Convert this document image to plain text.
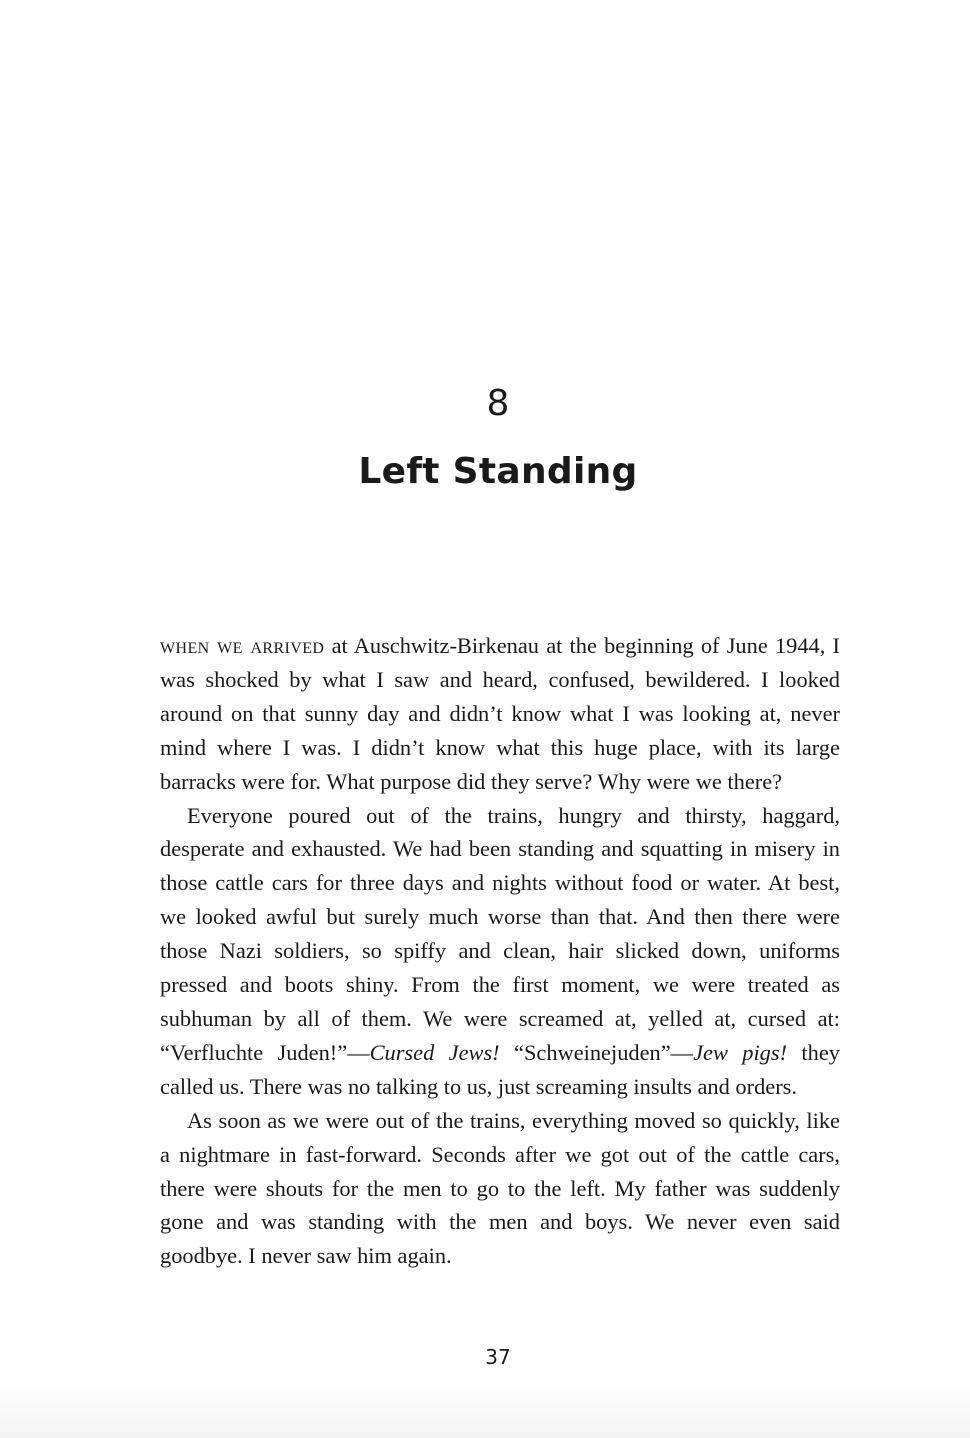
8
Left Standing

when we arrived at Auschwitz-Birkenau at the beginning of June 1944, I was shocked by what I saw and heard, confused, bewildered. I looked around on that sunny day and didn’t know what I was looking at, never mind where I was. I didn’t know what this huge place, with its large barracks were for. What purpose did they serve? Why were we there?

Everyone poured out of the trains, hungry and thirsty, haggard, desperate and exhausted. We had been standing and squatting in misery in those cattle cars for three days and nights without food or water. At best, we looked awful but surely much worse than that. And then there were those Nazi soldiers, so spiffy and clean, hair slicked down, uniforms pressed and boots shiny. From the first moment, we were treated as subhuman by all of them. We were screamed at, yelled at, cursed at: “Verfluchte Juden!”—Cursed Jews! “Schweinejuden”—Jew pigs! they called us. There was no talking to us, just screaming insults and orders.

As soon as we were out of the trains, everything moved so quickly, like a nightmare in fast-forward. Seconds after we got out of the cattle cars, there were shouts for the men to go to the left. My father was suddenly gone and was standing with the men and boys. We never even said goodbye. I never saw him again.

37
